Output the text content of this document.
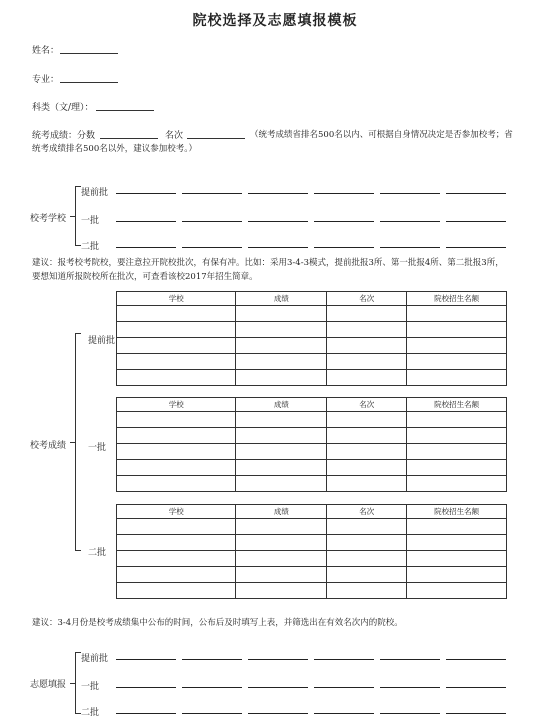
院校选择及志愿填报模板
姓名：
专业：
科类（文/理）：
统考成绩：分数	名次	（统考成绩省排名500名以内、可根据自身情况决定是否参加校考；省
统考成绩排名500名以外，建议参加校考。）
校考学校
提前批
一批
二批
建议：报考校考院校，要注意拉开院校批次，有保有冲。比如：采用3-4-3模式，提前批报3所、第一批报4所、第二批报3所，
要想知道所报院校所在批次，可查看该校2017年招生简章。
校考成绩
提前批
一批
二批
学校	成绩	名次	院校招生名额

学校	成绩	名次	院校招生名额

学校	成绩	名次	院校招生名额

建议：3-4月份是校考成绩集中公布的时间，公布后及时填写上表，并筛选出在有效名次内的院校。
志愿填报
提前批
一批
二批
